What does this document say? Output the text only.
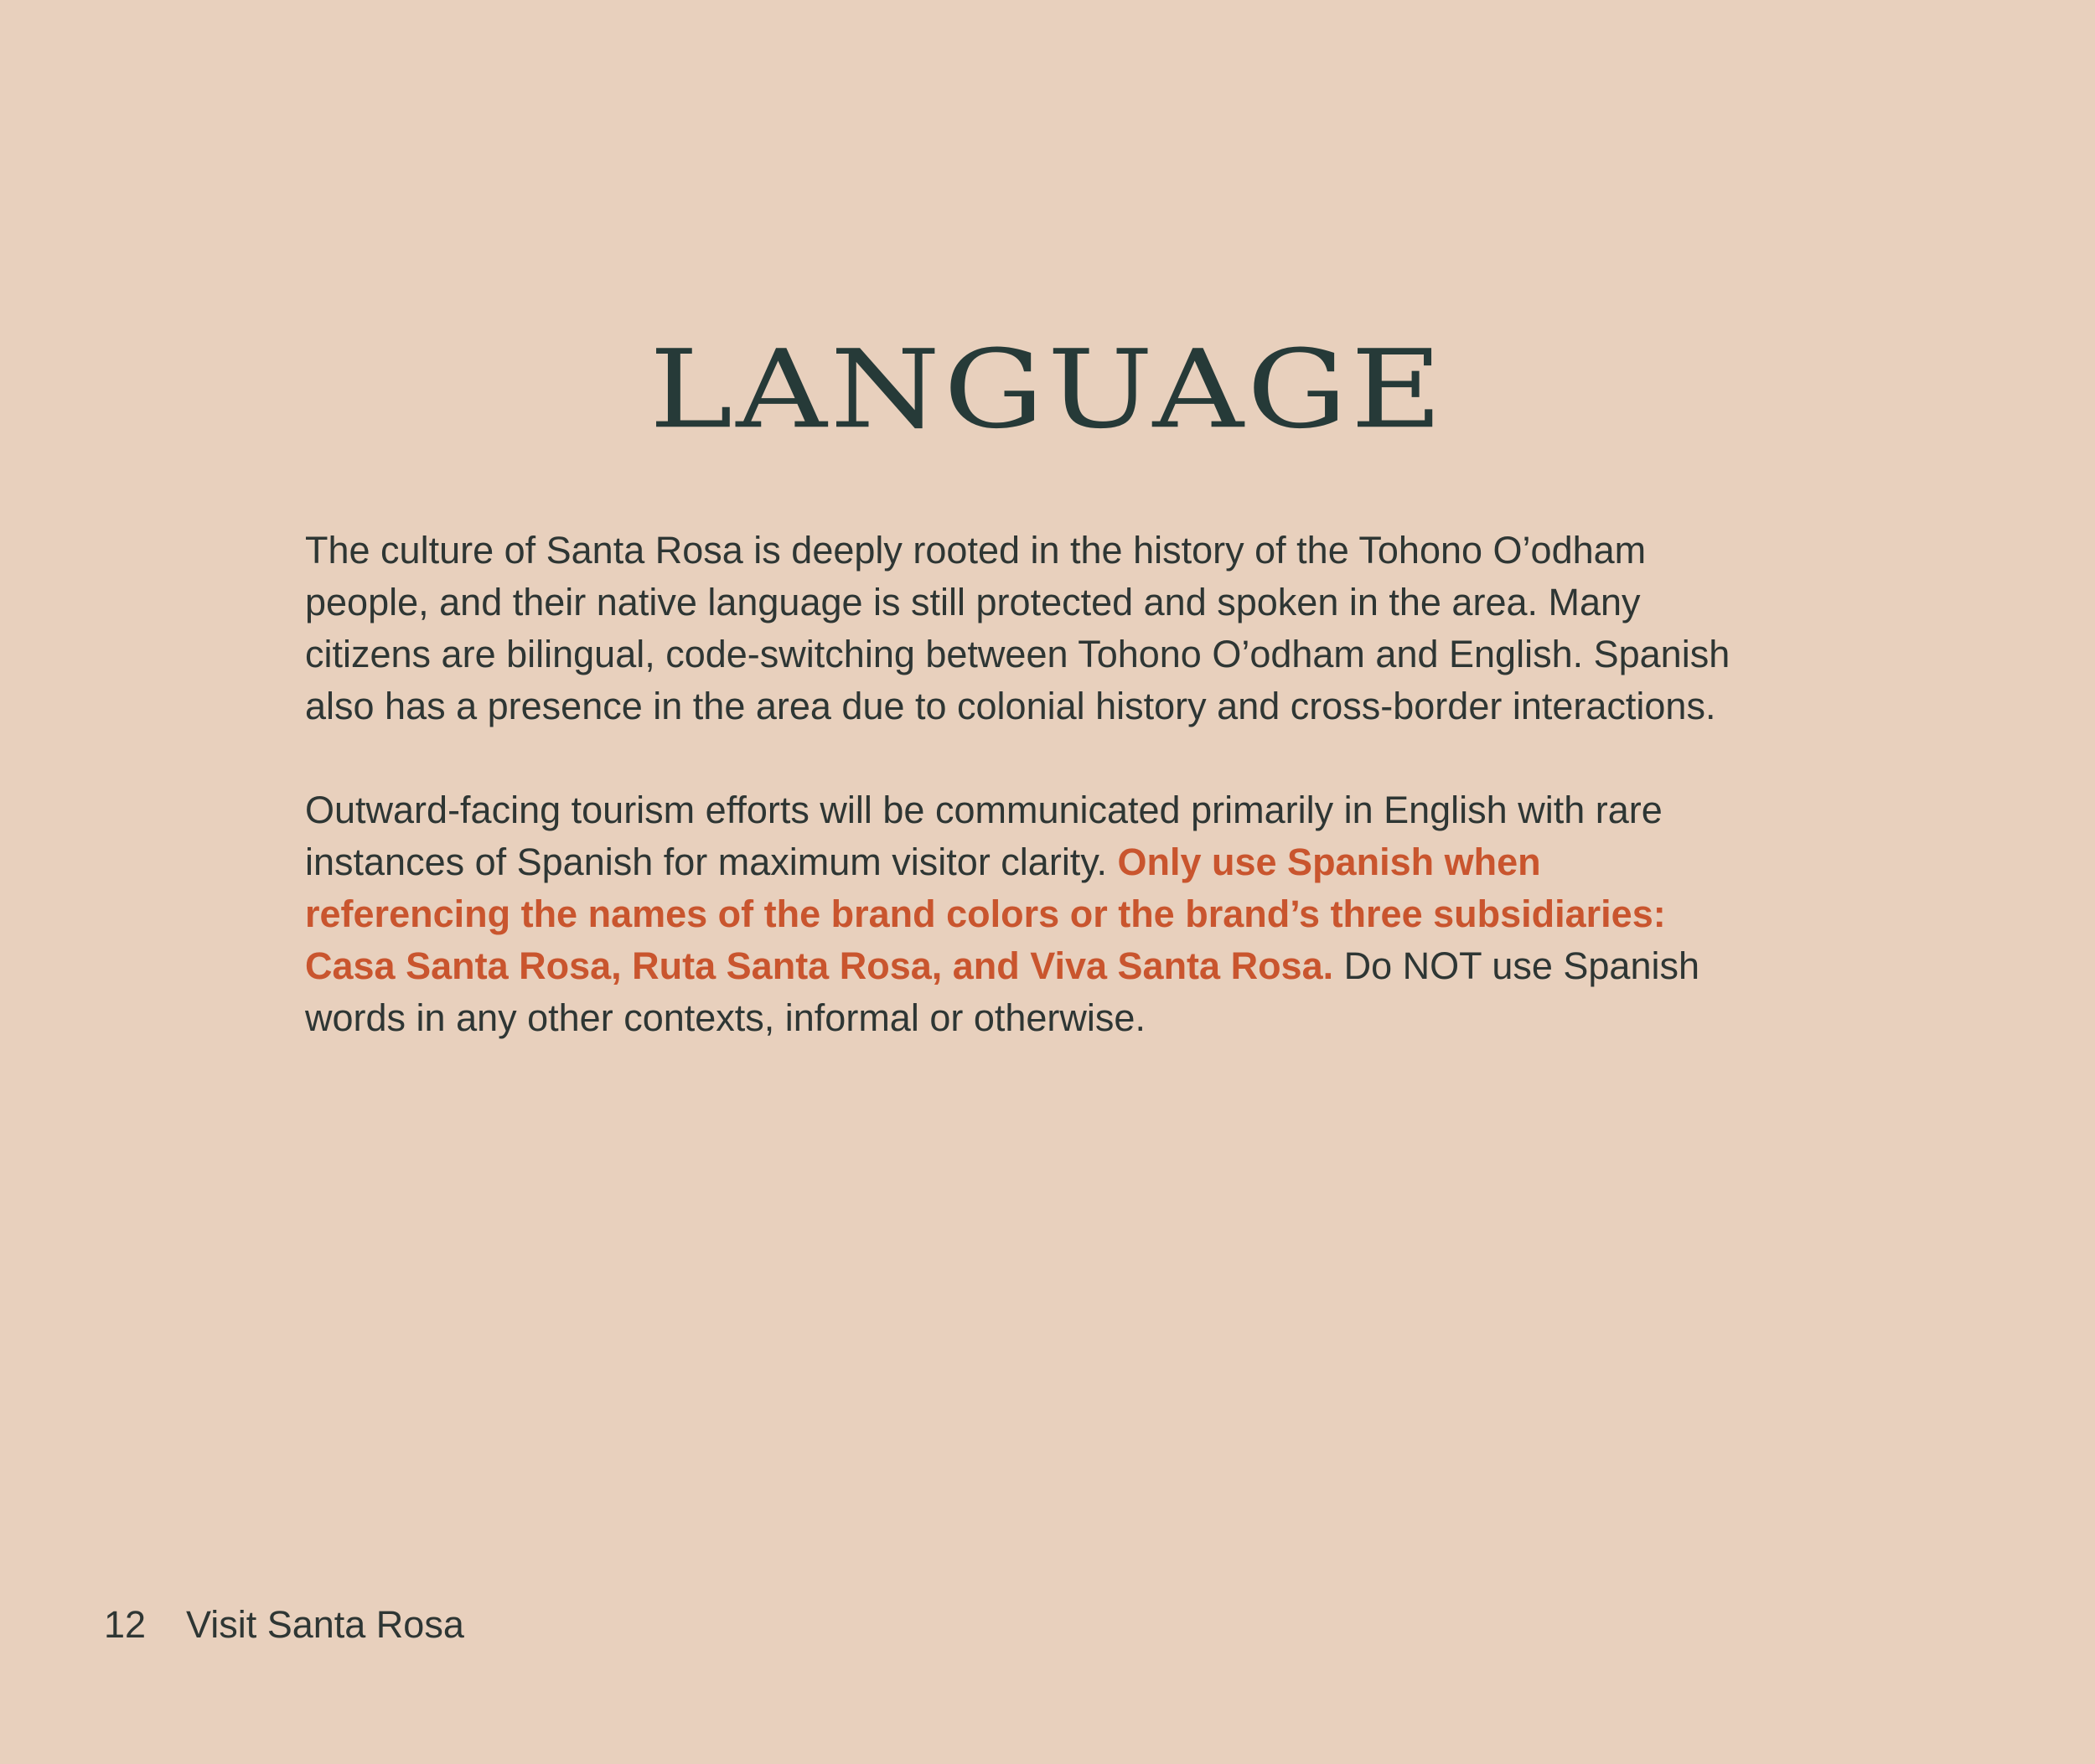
LANGUAGE

The culture of Santa Rosa is deeply rooted in the history of the Tohono O’odham people, and their native language is still protected and spoken in the area. Many citizens are bilingual, code-switching between Tohono O’odham and English. Spanish also has a presence in the area due to colonial history and cross-border interactions.

Outward-facing tourism efforts will be communicated primarily in English with rare instances of Spanish for maximum visitor clarity. Only use Spanish when referencing the names of the brand colors or the brand’s three subsidiaries: Casa Santa Rosa, Ruta Santa Rosa, and Viva Santa Rosa. Do NOT use Spanish words in any other contexts, informal or otherwise.

12 Visit Santa Rosa
